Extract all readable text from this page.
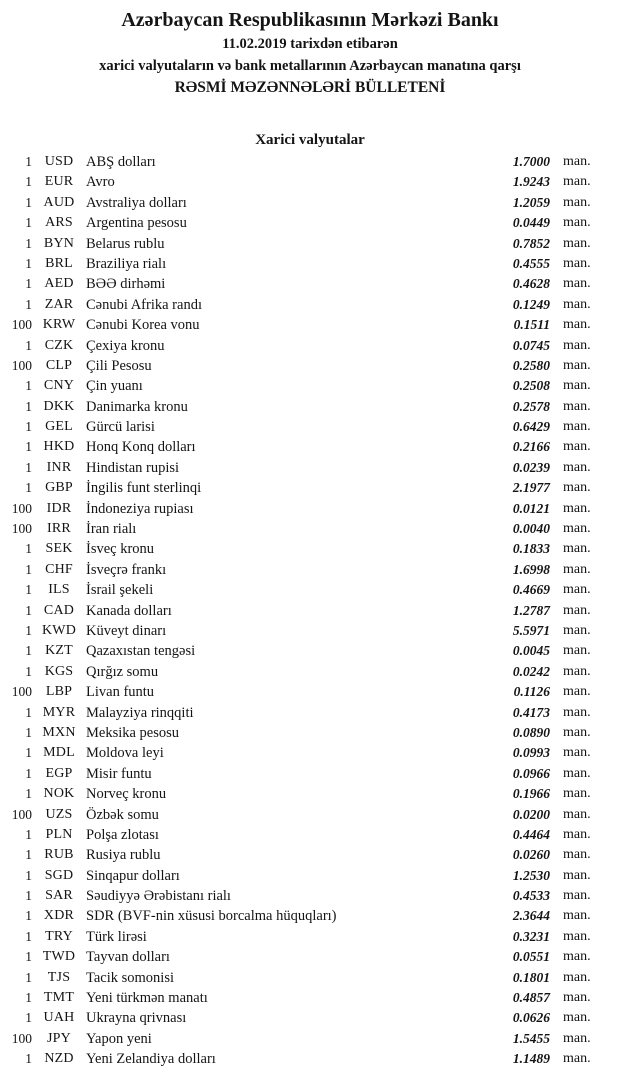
Azərbaycan Respublikasının Mərkəzi Bankı
11.02.2019 tarixdən etibarən
xarici valyutaların və bank metallarının Azərbaycan manatına qarşı
RƏSMİ MƏZƏNNƏLƏRİ BÜLLETENİ
Xarici valyutalar
1 USD ABŞ dolları	1.7000 man.
1 EUR Avro	1.9243 man.
1 AUD Avstraliya dolları	1.2059 man.
1 ARS Argentina pesosu	0.0449 man.
1 BYN Belarus rublu	0.7852 man.
1 BRL Braziliya rialı	0.4555 man.
1 AED BƏƏ dirhəmi	0.4628 man.
1 ZAR Cənubi Afrika randı	0.1249 man.
100 KRW Cənubi Korea vonu	0.1511 man.
1 CZK Çexiya kronu	0.0745 man.
100 CLP Çili Pesosu	0.2580 man.
1 CNY Çin yuanı	0.2508 man.
1 DKK Danimarka kronu	0.2578 man.
1 GEL Gürcü larisi	0.6429 man.
1 HKD Honq Konq dolları	0.2166 man.
1	INR	Hindistan rupisi	0.0239 man.
1 GBP İngilis funt sterlinqi	2.1977 man.
100	IDR	İndoneziya rupiası	0.0121 man.
100	IRR	İran rialı	0.0040 man.
1 SEK İsveç kronu	0.1833 man.
1 CHF İsveçrə frankı	1.6998 man.
1	ILS	İsrail şekeli	0.4669 man.
1 CAD Kanada dolları	1.2787 man.
1 KWD Küveyt dinarı	5.5971 man.
1 KZT Qazaxıstan tengəsi	0.0045 man.
1 KGS Qırğız somu	0.0242 man.
100 LBP Livan funtu	0.1126 man.
1 MYR Malayziya rinqqiti	0.4173 man.
1 MXN Meksika pesosu	0.0890 man.
1 MDL Moldova leyi	0.0993 man.
1 EGP Misir funtu	0.0966 man.
1 NOK Norveç kronu	0.1966 man.
100 UZS Özbək somu	0.0200 man.
1 PLN Polşa zlotası	0.4464 man.
1 RUB Rusiya rublu	0.0260 man.
1 SGD Sinqapur dolları	1.2530 man.
1 SAR Səudiyyə Ərəbistanı rialı	0.4533 man.
1 XDR SDR (BVF-nin xüsusi borcalma hüquqları)	2.3644 man.
1 TRY Türk lirəsi	0.3231 man.
1 TWD Tayvan dolları	0.0551 man.
1	TJS	Tacik somonisi	0.1801 man.
1 TMT Yeni türkmən manatı	0.4857 man.
1 UAH Ukrayna qrivnası	0.0626 man.
100	JPY	Yapon yeni	1.5455 man.
1 NZD Yeni Zelandiya dolları	1.1489 man.
